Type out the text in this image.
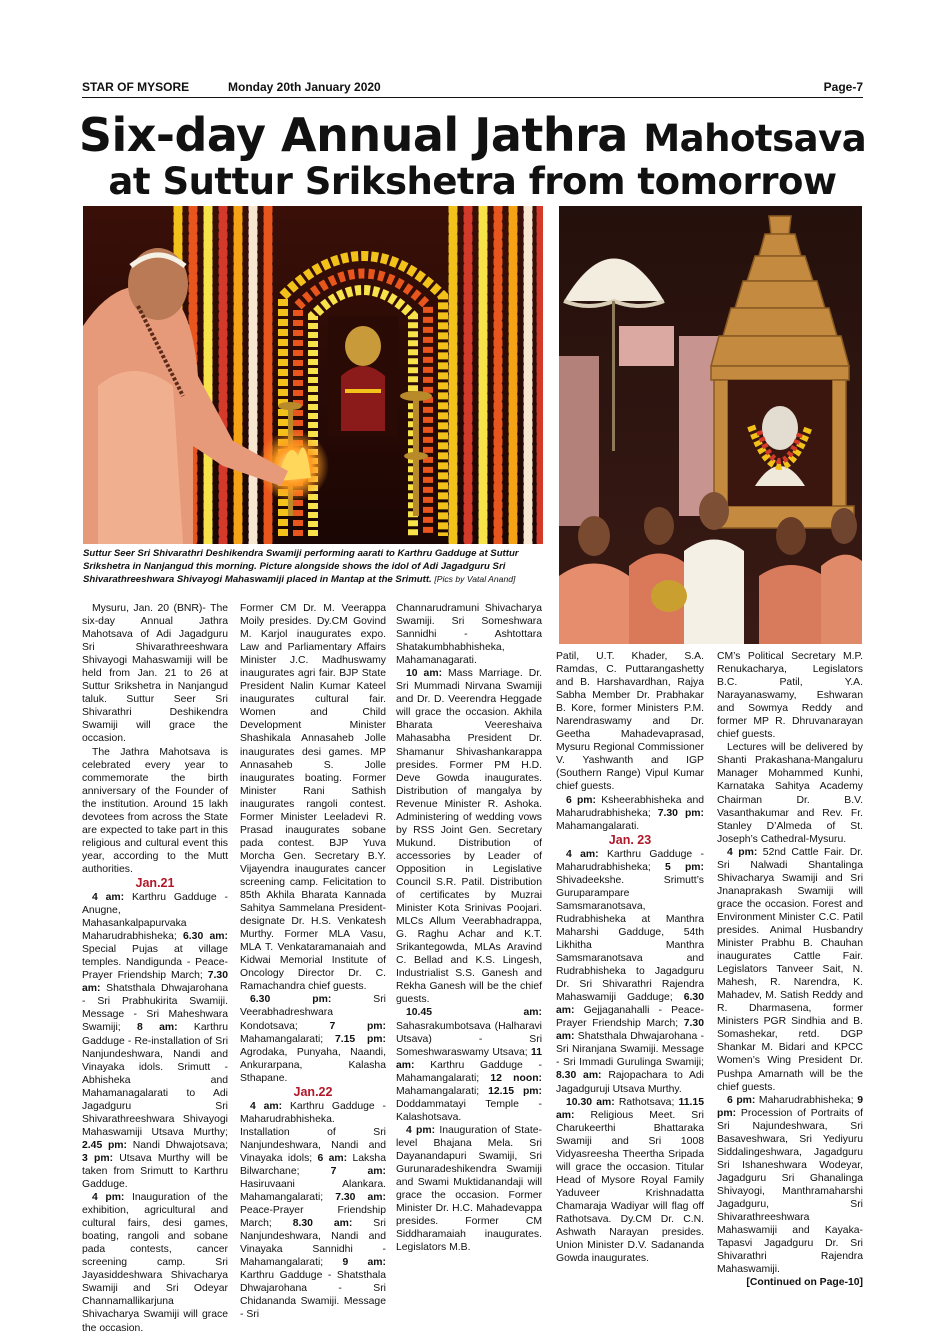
STAR OF MYSORE	Monday 20th January 2020	Page-7
Six-day Annual Jathra Mahotsava
at Suttur Srikshetra from tomorrow
Suttur Seer Sri Shivarathri Deshikendra Swamiji performing aarati to Karthru Gadduge at Suttur Srikshetra in Nanjangud this morning. Picture alongside shows the idol of Adi Jagadguru Sri Shivarathreeshwara Shivayogi Mahaswamiji placed in Mantap at the Srimutt. [Pics by Vatal Anand]

Mysuru, Jan. 20 (BNR)- The six-day Annual Jathra Mahotsava of Adi Jagadguru Sri Shivarathreeshwara Shivayogi Mahaswamiji will be held from Jan. 21 to 26 at Suttur Srikshetra in Nanjangud taluk. Suttur Seer Sri Shivarathri Deshikendra Swamiji will grace the occasion.

The Jathra Mahotsava is celebrated every year to commemorate the birth anniversary of the Founder of the institution. Around 15 lakh devotees from across the State are expected to take part in this religious and cultural event this year, according to the Mutt authorities.

Jan.21

4 am: Karthru Gadduge - Anugne, Mahasankalpapurvaka Maharudrabhisheka; 6.30 am: Special Pujas at village temples. Nandigunda - Peace-Prayer Friendship March; 7.30 am: Shatsthala Dhwajarohana - Sri Prabhukirita Swamiji. Message - Sri Maheshwara Swamiji; 8 am: Karthru Gadduge - Re-installation of Sri Nanjundeshwara, Nandi and Vinayaka idols. Srimutt - Abhisheka and Mahamanagalarati to Adi Jagadguru Sri Shivarathreeshwara Shivayogi Mahaswamiji Utsava Murthy; 2.45 pm: Nandi Dhwajotsava; 3 pm: Utsava Murthy will be taken from Srimutt to Karthru Gadduge.

4 pm: Inauguration of the exhibition, agricultural and cultural fairs, desi games, boating, rangoli and sobane pada contests, cancer screening camp. Sri Jayasiddeshwara Shivacharya Swamiji and Sri Odeyar Channamallikarjuna Shivacharya Swamiji will grace the occasion.

Former CM Dr. M. Veerappa Moily presides. Dy.CM Govind M. Karjol inaugurates expo. Law and Parliamentary Affairs Minister J.C. Madhuswamy inaugurates agri fair. BJP State President Nalin Kumar Kateel inaugurates cultural fair. Women and Child Development Minister Shashikala Annasaheb Jolle inaugurates desi games. MP Annasaheb S. Jolle inaugurates boating. Former Minister Rani Sathish inaugurates rangoli contest. Former Minister Leeladevi R. Prasad inaugurates sobane pada contest. BJP Yuva Morcha Gen. Secretary B.Y. Vijayendra inaugurates cancer screening camp. Felicitation to 85th Akhila Bharata Kannada Sahitya Sammelana President-designate Dr. H.S. Venkatesh Murthy. Former MLA Vasu, MLA T. Venkataramanaiah and Kidwai Memorial Institute of Oncology Director Dr. C. Ramachandra chief guests.

6.30 pm: Sri Veerabhadreshwara Kondotsava; 7 pm: Mahamangalarati; 7.15 pm: Agrodaka, Punyaha, Naandi, Ankurarpana, Kalasha Sthapane.

Jan.22

4 am: Karthru Gadduge - Maharudrabhisheka. Installation of Sri Nanjundeshwara, Nandi and Vinayaka idols; 6 am: Laksha Bilwarchane; 7 am: Hasiruvaani Alankara. Mahamangalarati; 7.30 am: Peace-Prayer Friendship March; 8.30 am: Sri Nanjundeshwara, Nandi and Vinayaka Sannidhi - Mahamangalarati; 9 am: Karthru Gadduge - Shatsthala Dhwajarohana - Sri Chidananda Swamiji. Message - Sri

Channarudramuni Shivacharya Swamiji. Sri Someshwara Sannidhi - Ashtottara Shatakumbhabhisheka, Mahamanagarati.

10 am: Mass Marriage. Dr. Sri Mummadi Nirvana Swamiji and Dr. D. Veerendra Heggade will grace the occasion. Akhila Bharata Veereshaiva Mahasabha President Dr. Shamanur Shivashankarappa presides. Former PM H.D. Deve Gowda inaugurates. Distribution of mangalya by Revenue Minister R. Ashoka. Administering of wedding vows by RSS Joint Gen. Secretary Mukund. Distribution of accessories by Leader of Opposition in Legislative Council S.R. Patil. Distribution of certificates by Muzrai Minister Kota Srinivas Poojari. MLCs Allum Veerabhadrappa, G. Raghu Achar and K.T. Srikantegowda, MLAs Aravind C. Bellad and K.S. Lingesh, Industrialist S.S. Ganesh and Rekha Ganesh will be the chief guests.

10.45 am: Sahasrakumbotsava (Halharavi Utsava) - Sri Someshwaraswamy Utsava; 11 am: Karthru Gadduge - Mahamangalarati; 12 noon: Mahamangalarati; 12.15 pm: Doddammatayi Temple - Kalashotsava.

4 pm: Inauguration of State-level Bhajana Mela. Sri Dayanandapuri Swamiji, Sri Gurunaradeshikendra Swamiji and Swami Muktidanandaji will grace the occasion. Former Minister Dr. H.C. Mahadevappa presides. Former CM Siddharamaiah inaugurates. Legislators M.B.

Patil, U.T. Khader, S.A. Ramdas, C. Puttarangashetty and B. Harshavardhan, Rajya Sabha Member Dr. Prabhakar B. Kore, former Ministers P.M. Narendraswamy and Dr. Geetha Mahadevaprasad, Mysuru Regional Commissioner V. Yashwanth and IGP (Southern Range) Vipul Kumar chief guests.

6 pm: Ksheerabhisheka and Maharudrabhisheka; 7.30 pm: Mahamangalarati.

Jan. 23

4 am: Karthru Gadduge - Maharudrabhisheka; 5 pm: Shivadeekshe. Srimutt’s Guruparampare Samsmaranotsava, Rudrabhisheka at Manthra Maharshi Gadduge, 54th Likhitha Manthra Samsmaranotsava and Rudrabhisheka to Jagadguru Dr. Sri Shivarathri Rajendra Mahaswamiji Gadduge; 6.30 am: Gejjaganahalli - Peace-Prayer Friendship March; 7.30 am: Shatsthala Dhwajarohana - Sri Niranjana Swamiji. Message - Sri Immadi Gurulinga Swamiji; 8.30 am: Rajopachara to Adi Jagadguruji Utsava Murthy.

10.30 am: Rathotsava; 11.15 am: Religious Meet. Sri Charukeerthi Bhattaraka Swamiji and Sri 1008 Vidyasreesha Theertha Sripada will grace the occasion. Titular Head of Mysore Royal Family Yaduveer Krishnadatta Chamaraja Wadiyar will flag off Rathotsava. Dy.CM Dr. C.N. Ashwath Narayan presides. Union Minister D.V. Sadananda Gowda inaugurates.

CM’s Political Secretary M.P. Renukacharya, Legislators B.C. Patil, Y.A. Narayanaswamy, Eshwaran and Sowmya Reddy and former MP R. Dhruvanarayan chief guests.

Lectures will be delivered by Shanti Prakashana-Mangaluru Manager Mohammed Kunhi, Karnataka Sahitya Academy Chairman Dr. B.V. Vasanthakumar and Rev. Fr. Stanley D’Almeda of St. Joseph’s Cathedral-Mysuru.

4 pm: 52nd Cattle Fair. Dr. Sri Nalwadi Shantalinga Shivacharya Swamiji and Sri Jnanaprakash Swamiji will grace the occasion. Forest and Environment Minister C.C. Patil presides. Animal Husbandry Minister Prabhu B. Chauhan inaugurates Cattle Fair. Legislators Tanveer Sait, N. Mahesh, R. Narendra, K. Mahadev, M. Satish Reddy and R. Dharmasena, former Ministers PGR Sindhia and B. Somashekar, retd. DGP Shankar M. Bidari and KPCC Women’s Wing President Dr. Pushpa Amarnath will be the chief guests.

6 pm: Maharudrabhisheka; 9 pm: Procession of Portraits of Sri Najundeshwara, Sri Basaveshwara, Sri Yediyuru Siddalingeshwara, Jagadguru Sri Ishaneshwara Wodeyar, Jagadguru Sri Ghanalinga Shivayogi, Manthramaharshi Jagadguru, Sri Shivarathreeshwara Mahaswamiji and Kayaka-Tapasvi Jagadguru Dr. Sri Shivarathri Rajendra Mahaswamiji.

[Continued on Page-10]
